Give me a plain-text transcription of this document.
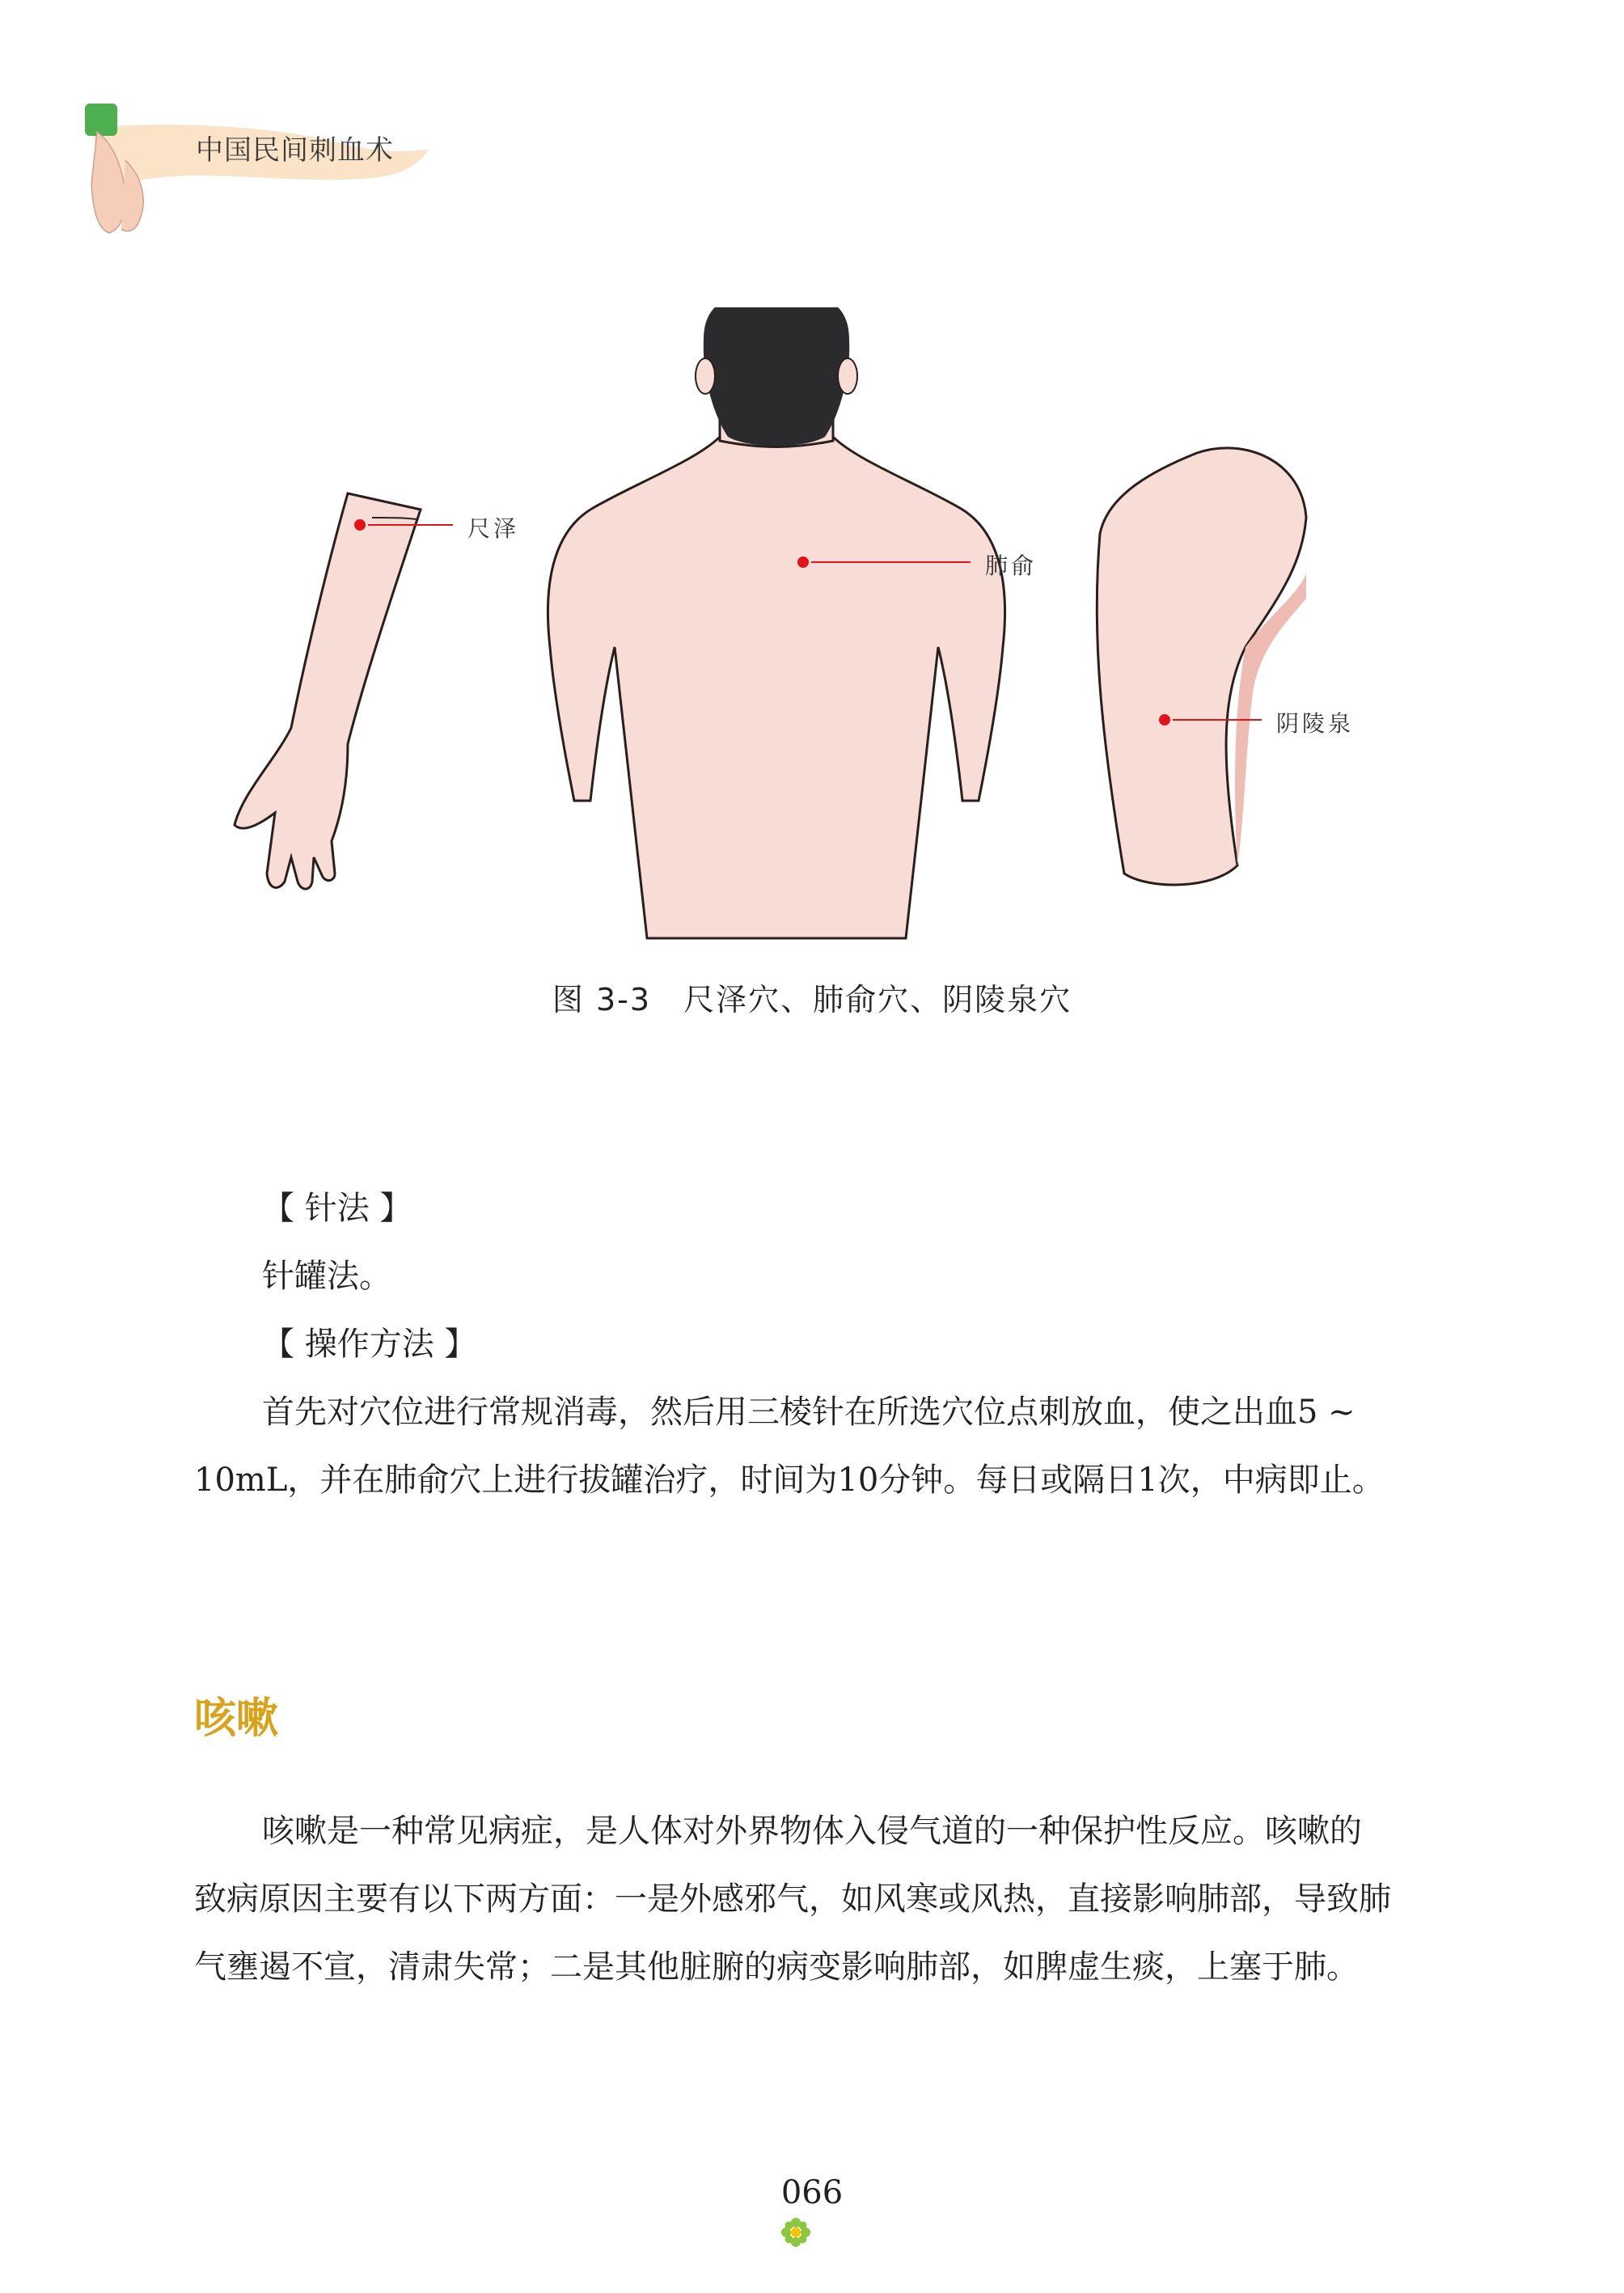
中国民间刺血术
尺泽
肺俞
阴陵泉
图 3-3　尺泽穴、肺俞穴、阴陵泉穴

【 针法 】

针罐法。

【 操作方法 】

首先对穴位进行常规消毒，然后用三棱针在所选穴位点刺放血，使之出血5 ~ 10mL，并在肺俞穴上进行拔罐治疗，时间为10分钟。每日或隔日1次，中病即止。

咳嗽

咳嗽是一种常见病症，是人体对外界物体入侵气道的一种保护性反应。咳嗽的致病原因主要有以下两方面：一是外感邪气，如风寒或风热，直接影响肺部，导致肺气壅遏不宣，清肃失常；二是其他脏腑的病变影响肺部，如脾虚生痰，上塞于肺。

066
